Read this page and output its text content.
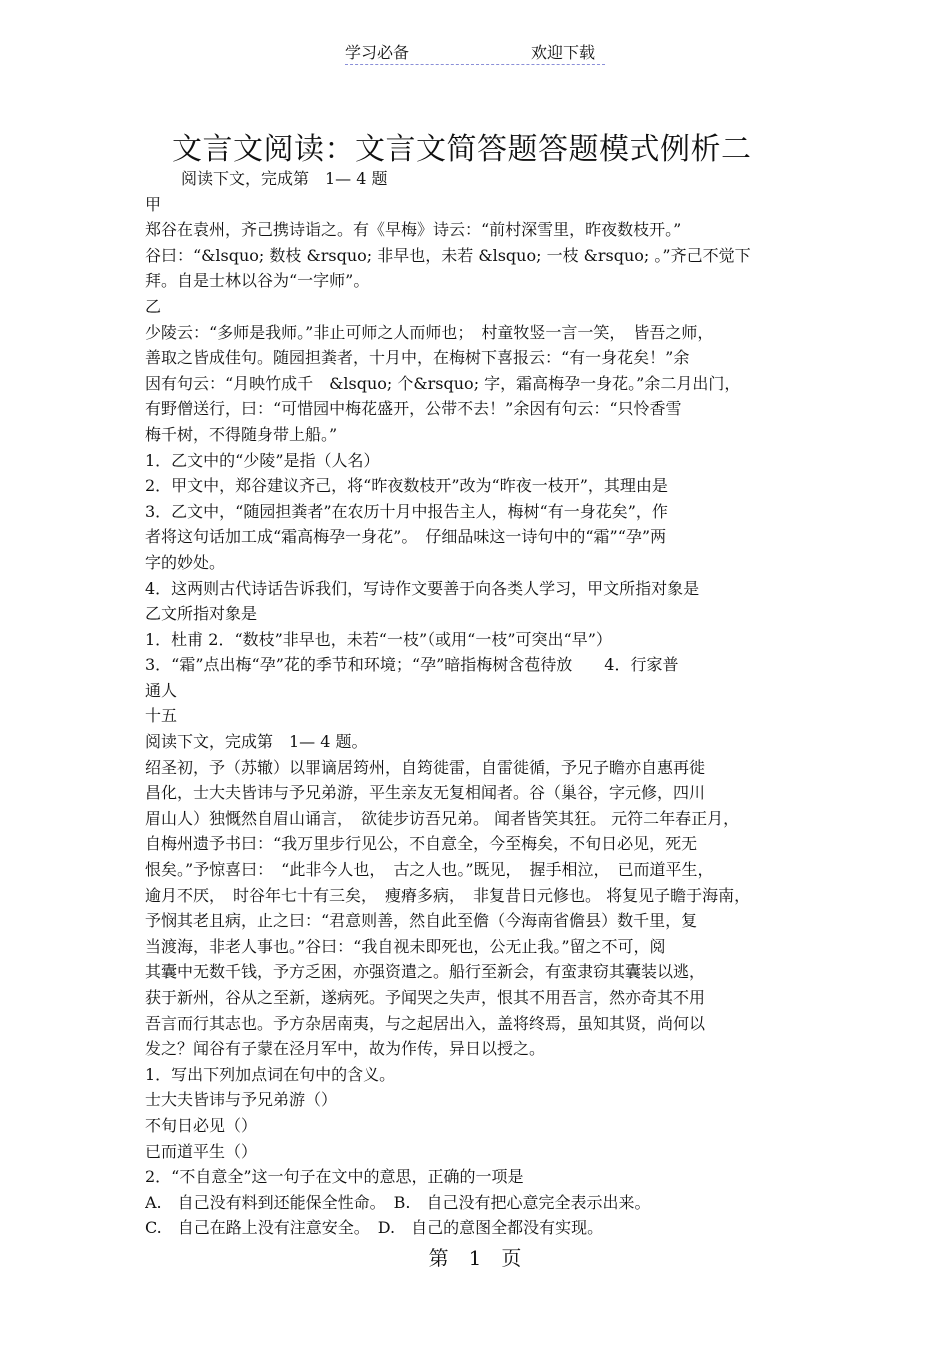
学习必备	欢迎下载
文言文阅读：文言文简答题答题模式例析二
阅读下文，完成第　1— 4 题
甲
郑谷在袁州，齐己携诗诣之。有《早梅》诗云：“前村深雪里，昨夜数枝开。”
谷曰：“&lsquo; 数枝 &rsquo; 非早也，未若 &lsquo; 一枝 &rsquo; 。”齐己不觉下
拜。自是士林以谷为“一字师”。
乙
少陵云：“多师是我师。”非止可师之人而师也；　村童牧竖一言一笑，　皆吾之师，
善取之皆成佳句。随园担粪者，十月中，在梅树下喜报云：“有一身花矣！”余
因有句云：“月映竹成千　&lsquo; 个&rsquo; 字，霜高梅孕一身花。”余二月出门，
有野僧送行，曰：“可惜园中梅花盛开，公带不去！”余因有句云：“只怜香雪
梅千树，不得随身带上船。”
1．乙文中的“少陵”是指（人名）
2．甲文中，郑谷建议齐己，将“昨夜数枝开”改为“昨夜一枝开”，其理由是
3．乙文中，“随园担粪者”在农历十月中报告主人，梅树“有一身花矣”，作
者将这句话加工成“霜高梅孕一身花”。　仔细品味这一诗句中的“霜”“孕”两
字的妙处。
4．这两则古代诗话告诉我们，写诗作文要善于向各类人学习，甲文所指对象是
乙文所指对象是
1．杜甫 2．“数枝”非早也，未若“一枝”（或用“一枝”可突出“早”）
3．“霜”点出梅“孕”花的季节和环境；“孕”暗指梅树含苞待放　　4．行家普
通人
十五
阅读下文，完成第　1— 4 题。
绍圣初，予（苏辙）以罪谪居筠州，自筠徙雷，自雷徙循，予兄子瞻亦自惠再徙
昌化，士大夫皆讳与予兄弟游，平生亲友无复相闻者。谷（巢谷，字元修，四川
眉山人）独慨然自眉山诵言，　欲徒步访吾兄弟。 闻者皆笑其狂。 元符二年春正月，
自梅州遗予书曰：“我万里步行见公，不自意全，今至梅矣，不旬日必见，死无
恨矣。”予惊喜曰：　“此非今人也，　古之人也。”既见，　握手相泣，　已而道平生，
逾月不厌，　时谷年七十有三矣，　瘦瘠多病，　非复昔日元修也。 将复见子瞻于海南，
予悯其老且病，止之曰：“君意则善，然自此至儋（今海南省儋县）数千里，复
当渡海，非老人事也。”谷曰：“我自视未即死也，公无止我。”留之不可，阅
其囊中无数千钱，予方乏困，亦强资遣之。船行至新会，有蛮隶窃其囊装以逃，
获于新州，谷从之至新，遂病死。予闻哭之失声，恨其不用吾言，然亦奇其不用
吾言而行其志也。予方杂居南夷，与之起居出入，盖将终焉，虽知其贤，尚何以
发之？闻谷有子蒙在泾月军中，故为作传，异日以授之。
1．写出下列加点词在句中的含义。
士大夫皆讳与予兄弟游（）
不旬日必见（）
已而道平生（）
2．“不自意全”这一句子在文中的意思，正确的一项是
A.　自己没有料到还能保全性命。　B.　自己没有把心意完全表示出来。
C.　自己在路上没有注意安全。　D.　自己的意图全都没有实现。
第　1　页
